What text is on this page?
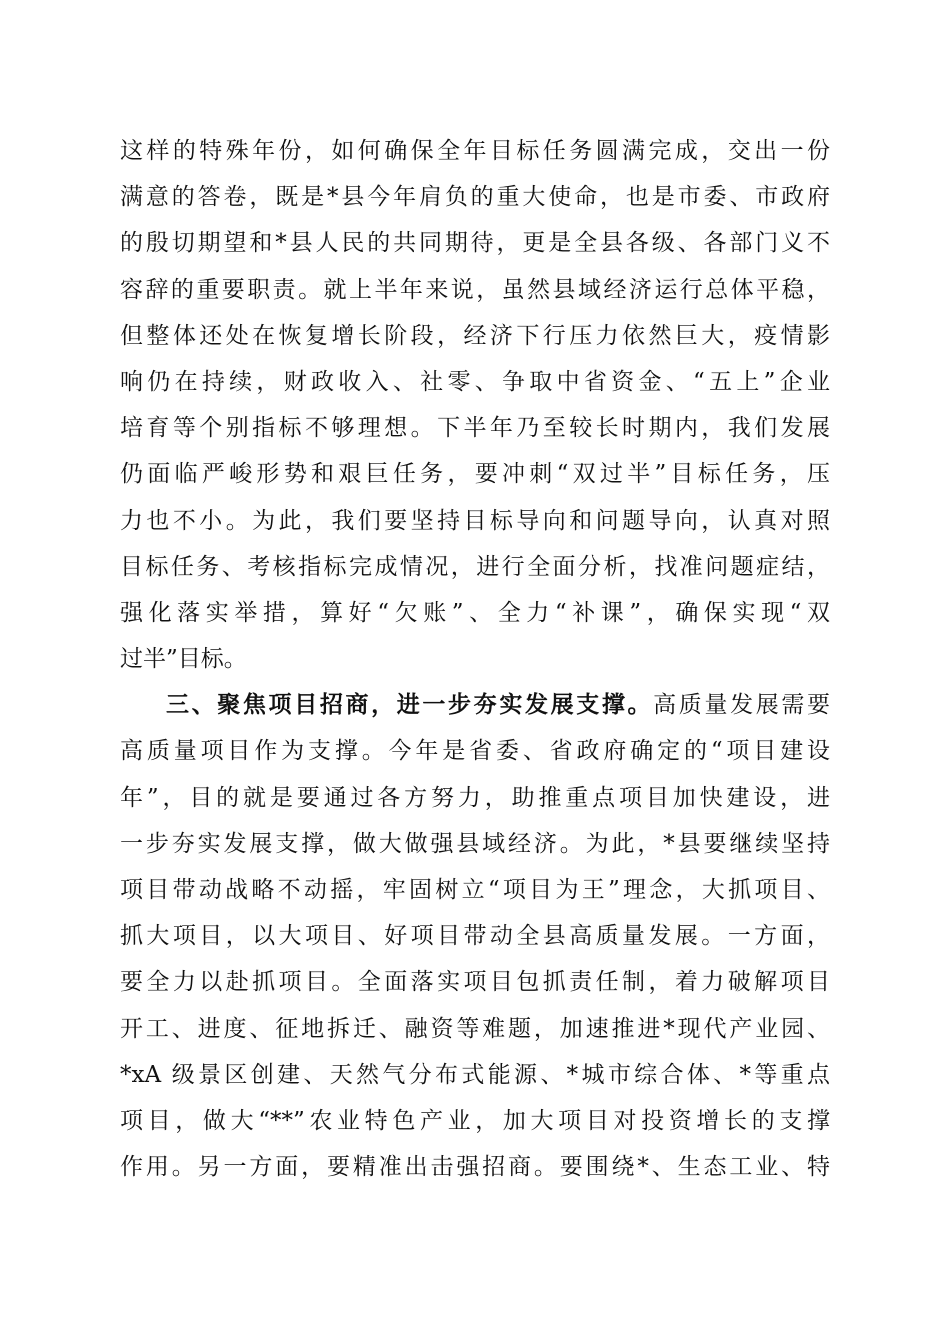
这样的特殊年份，如何确保全年目标任务圆满完成，交出一份
满意的答卷，既是*县今年肩负的重大使命，也是市委、市政府
的殷切期望和*县人民的共同期待，更是全县各级、各部门义不
容辞的重要职责。就上半年来说，虽然县域经济运行总体平稳，
但整体还处在恢复增长阶段，经济下行压力依然巨大，疫情影
响仍在持续，财政收入、社零、争取中省资金、“五上”企业
培育等个别指标不够理想。下半年乃至较长时期内，我们发展
仍面临严峻形势和艰巨任务，要冲刺“双过半”目标任务，压
力也不小。为此，我们要坚持目标导向和问题导向，认真对照
目标任务、考核指标完成情况，进行全面分析，找准问题症结，
强化落实举措，算好“欠账”、全力“补课”，确保实现“双
过半”目标。
三、聚焦项目招商，进一步夯实发展支撑。高质量发展需要
高质量项目作为支撑。今年是省委、省政府确定的“项目建设
年”，目的就是要通过各方努力，助推重点项目加快建设，进
一步夯实发展支撑，做大做强县域经济。为此，*县要继续坚持
项目带动战略不动摇，牢固树立“项目为王”理念，大抓项目、
抓大项目，以大项目、好项目带动全县高质量发展。一方面，
要全力以赴抓项目。全面落实项目包抓责任制，着力破解项目
开工、进度、征地拆迁、融资等难题，加速推进*现代产业园、
*xA 级景区创建、天然气分布式能源、*城市综合体、*等重点
项目，做大“**”农业特色产业，加大项目对投资增长的支撑
作用。另一方面，要精准出击强招商。要围绕*、生态工业、特
